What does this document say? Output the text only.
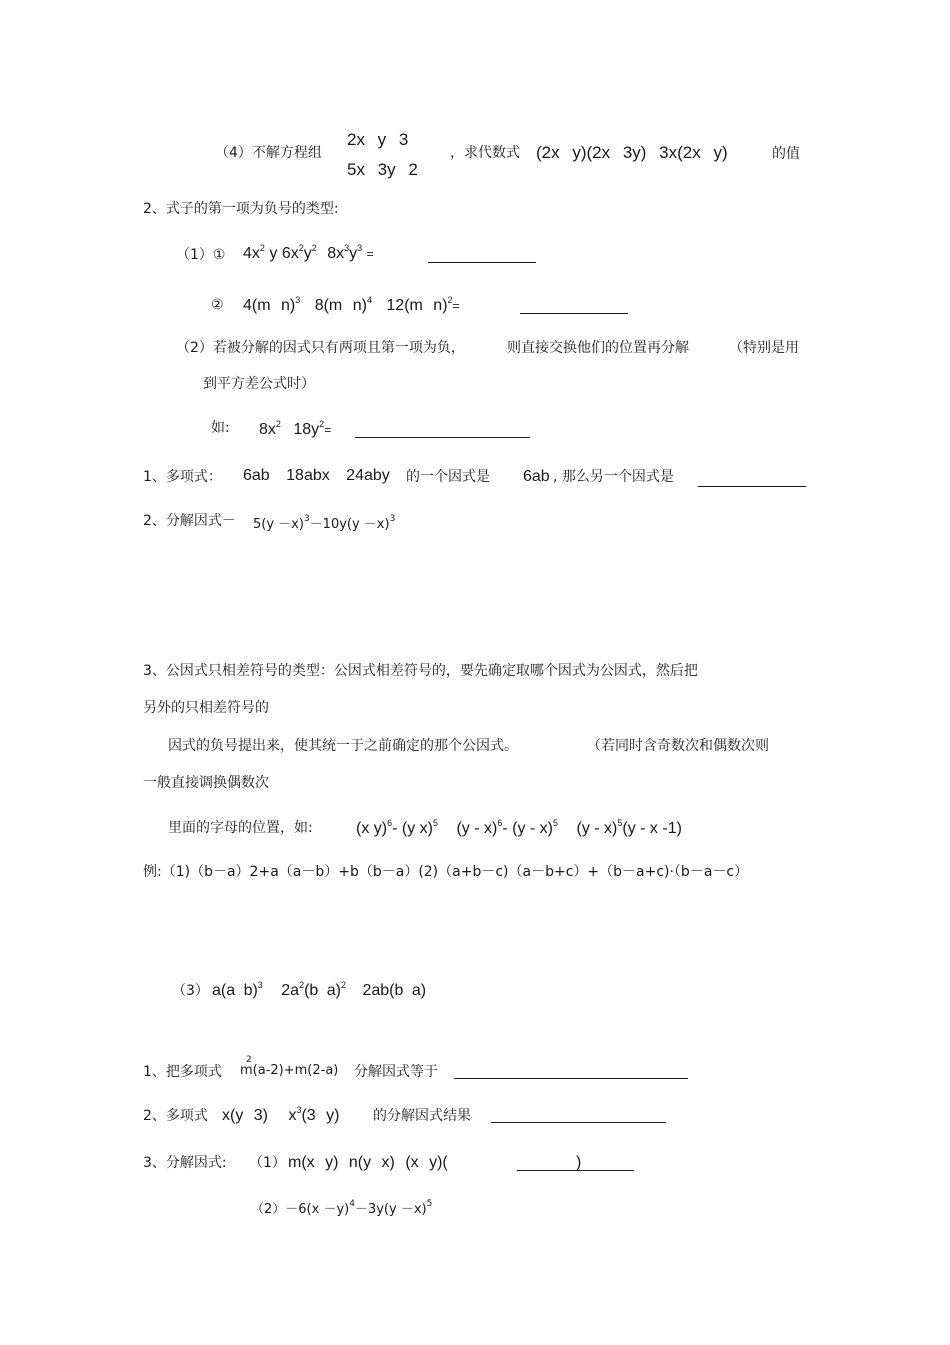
（4）不解方程组
2x y 3
5x 3y 2
，求代数式 (2x y)(2x 3y) 3x(2x y)	的值
2、式子的第一项为负号的类型:
（1）① $4x^2$ y $6x^2y^2$ $8x^3y^3$ =
② 4(m n)$^3$ 8(m n)$^4$ 12(m n)$^2$=
（2）若被分解的因式只有两项且第一项为负，	则直接交换他们的位置再分解	（特别是用
到平方差公式时）
如: $8x^2$ $18y^2=$
1、多项式： 6ab 18abx 24aby 的一个因式是 6ab , 那么另一个因式是
2、分解因式－ $5(y -x)^3-10y(y -x)^3$
3、公因式只相差符号的类型：公因式相差符号的，要先确定取哪个因式为公因式，然后把
另外的只相差符号的
因式的负号提出来，使其统一于之前确定的那个公因式。	（若同时含奇数次和偶数次则
一般直接调换偶数次
里面的字母的位置，如:	(x y)$^6$- (y x)$^5$ (y - x)$^6$- (y - x)$^5$ (y - x)$^5$(y - x -1)
例:（1)（b－a）2+a（a－b）+b（b－a）(2)（a+b－c)（a－b+c）+（b－a+c)·（b－a－c）
（3） a(a b)$^3$ $2a^2(b$ a)$^2$ 2ab(b a)
1、把多项式
2
m(a-2)+m(2-a) 分解因式等于
2、多项式 x(y 3) $x^3(3$ y) 的分解因式结果
3、分解因式: （1） m(x y) n(y x) (x y)(	)
$(2)-6(x -y)^4-3y(y -x)^5$
